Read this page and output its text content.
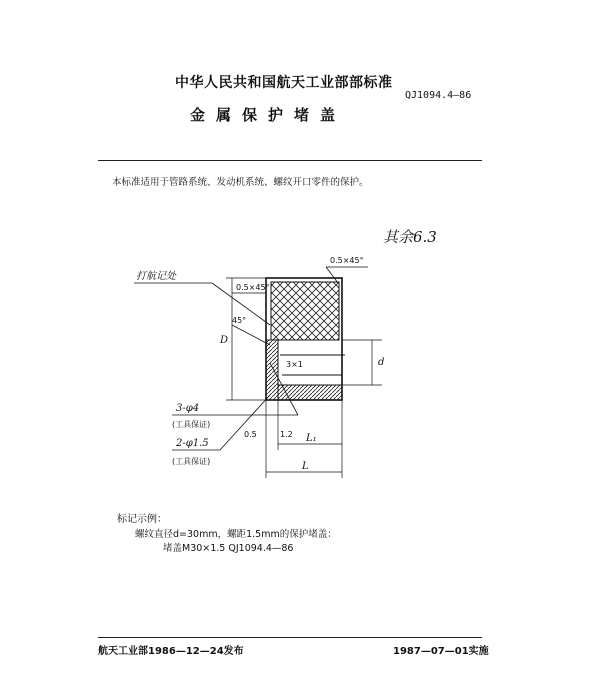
中华人民共和国航天工业部部标准
QJ1094.4—86
金属保护堵盖
本标准适用于管路系统、发动机系统、螺纹开口零件的保护。
其余6.3
打航记处
0.5×45°
0.5×45°
45°
D
d
3×1
3-φ4
(工具保证)
2-φ1.5
(工具保证)
0.5	1.2 L₁
L
标记示例：
螺纹直径d=30mm，螺距1.5mm的保护堵盖：
堵盖M30×1.5 QJ1094.4—86
航天工业部1986—12—24发布	1987—07—01实施
